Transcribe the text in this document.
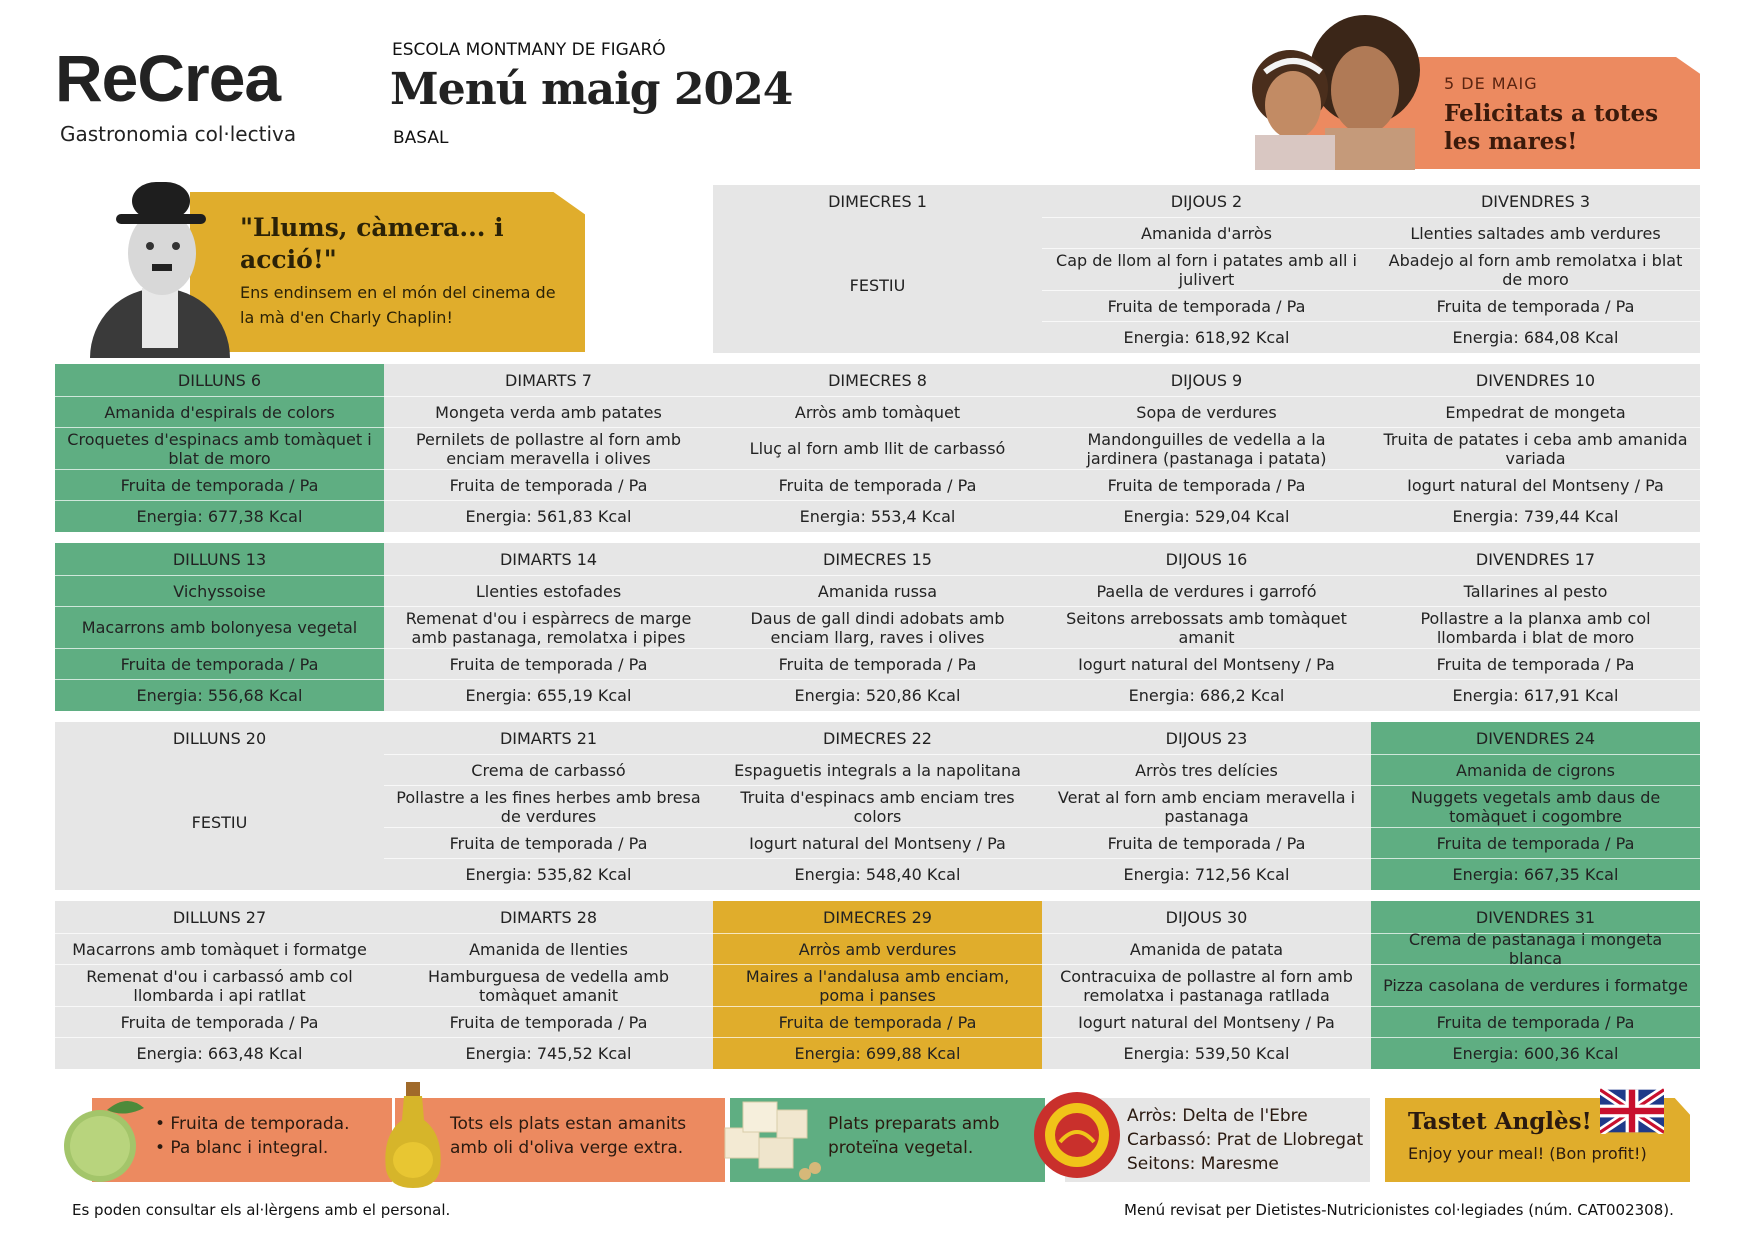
ReCrea
Gastronomia col·lectiva
ESCOLA MONTMANY DE FIGARÓ
Menú maig 2024
BASAL
5 DE MAIG
Felicitats a totes les mares!
"Llums, càmera... i acció!"
Ens endinsem en el món del cinema de la mà d'en Charly Chaplin!
DIMECRES 1
FESTIU
DIJOUS 2
Amanida d'arròs
Cap de llom al forn i patates amb all i julivert
Fruita de temporada / Pa
Energia: 618,92 Kcal
DIVENDRES 3
Llenties saltades amb verdures
Abadejo al forn amb remolatxa i blat de moro
Fruita de temporada / Pa
Energia: 684,08 Kcal
DILLUNS 6
Amanida d'espirals de colors
Croquetes d'espinacs amb tomàquet i blat de moro
Fruita de temporada / Pa
Energia: 677,38 Kcal
DIMARTS 7
Mongeta verda amb patates
Pernilets de pollastre al forn amb enciam meravella i olives
Fruita de temporada / Pa
Energia: 561,83 Kcal
DIMECRES 8
Arròs amb tomàquet
Lluç al forn amb llit de carbassó
Fruita de temporada / Pa
Energia: 553,4 Kcal
DIJOUS 9
Sopa de verdures
Mandonguilles de vedella a la jardinera (pastanaga i patata)
Fruita de temporada / Pa
Energia: 529,04 Kcal
DIVENDRES 10
Empedrat de mongeta
Truita de patates i ceba amb amanida variada
Iogurt natural del Montseny / Pa
Energia: 739,44 Kcal
DILLUNS 13
Vichyssoise
Macarrons amb bolonyesa vegetal
Fruita de temporada / Pa
Energia: 556,68 Kcal
DIMARTS 14
Llenties estofades
Remenat d'ou i espàrrecs de marge amb pastanaga, remolatxa i pipes
Fruita de temporada / Pa
Energia: 655,19 Kcal
DIMECRES 15
Amanida russa
Daus de gall dindi adobats amb enciam llarg, raves i olives
Fruita de temporada / Pa
Energia: 520,86 Kcal
DIJOUS 16
Paella de verdures i garrofó
Seitons arrebossats amb tomàquet amanit
Iogurt natural del Montseny / Pa
Energia: 686,2 Kcal
DIVENDRES 17
Tallarines al pesto
Pollastre a la planxa amb col llombarda i blat de moro
Fruita de temporada / Pa
Energia: 617,91 Kcal
DILLUNS 20
FESTIU
DIMARTS 21
Crema de carbassó
Pollastre a les fines herbes amb bresa de verdures
Fruita de temporada / Pa
Energia: 535,82 Kcal
DIMECRES 22
Espaguetis integrals a la napolitana
Truita d'espinacs amb enciam tres colors
Iogurt natural del Montseny / Pa
Energia: 548,40 Kcal
DIJOUS 23
Arròs tres delícies
Verat al forn amb enciam meravella i pastanaga
Fruita de temporada / Pa
Energia: 712,56 Kcal
DIVENDRES 24
Amanida de cigrons
Nuggets vegetals amb daus de tomàquet i cogombre
Fruita de temporada / Pa
Energia: 667,35 Kcal
DILLUNS 27
Macarrons amb tomàquet i formatge
Remenat d'ou i carbassó amb col llombarda i api ratllat
Fruita de temporada / Pa
Energia: 663,48 Kcal
DIMARTS 28
Amanida de llenties
Hamburguesa de vedella amb tomàquet amanit
Fruita de temporada / Pa
Energia: 745,52 Kcal
DIMECRES 29
Arròs amb verdures
Maires a l'andalusa amb enciam, poma i panses
Fruita de temporada / Pa
Energia: 699,88 Kcal
DIJOUS 30
Amanida de patata
Contracuixa de pollastre al forn amb remolatxa i pastanaga ratllada
Iogurt natural del Montseny / Pa
Energia: 539,50 Kcal
DIVENDRES 31
Crema de pastanaga i mongeta blanca
Pizza casolana de verdures i formatge
Fruita de temporada / Pa
Energia: 600,36 Kcal
• Fruita de temporada.
• Pa blanc i integral.
Tots els plats estan amanits amb oli d'oliva verge extra.
Plats preparats amb proteïna vegetal.
Arròs: Delta de l'Ebre
Carbassó: Prat de Llobregat
Seitons: Maresme
Tastet Anglès!
Enjoy your meal! (Bon profit!)
Es poden consultar els al·lèrgens amb el personal.	Menú revisat per Dietistes-Nutricionistes col·legiades (núm. CAT002308).
